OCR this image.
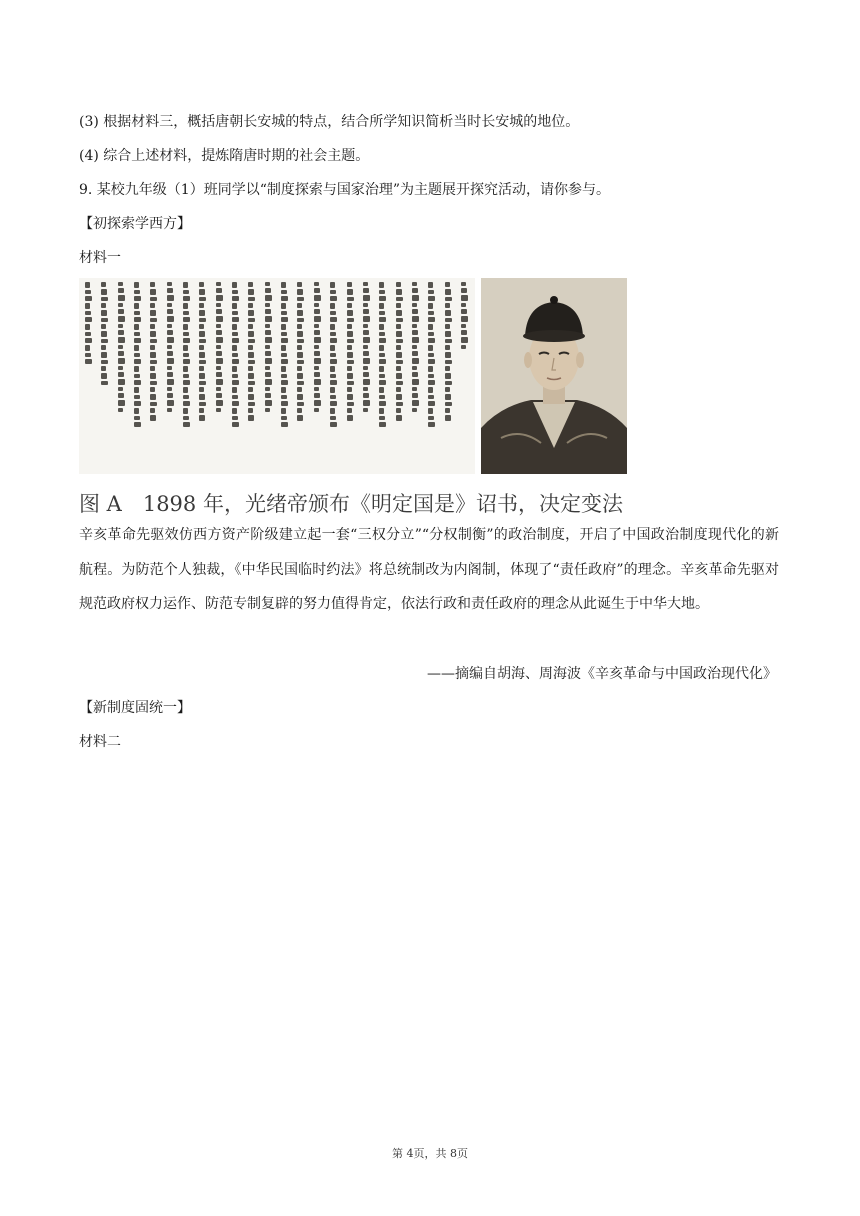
(3) 根据材料三，概括唐朝长安城的特点，结合所学知识简析当时长安城的地位。
(4) 综合上述材料，提炼隋唐时期的社会主题。
9. 某校九年级（1）班同学以“制度探索与国家治理”为主题展开探究活动，请你参与。
【初探索学西方】
材料一
图 A　1898 年，光绪帝颁布《明定国是》诏书，决定变法
辛亥革命先驱效仿西方资产阶级建立起一套“三权分立”“分权制衡”的政治制度，开启了中国政治制度现代化的新航程。为防范个人独裁，《中华民国临时约法》将总统制改为内阁制，体现了“责任政府”的理念。辛亥革命先驱对规范政府权力运作、防范专制复辟的努力值得肯定，依法行政和责任政府的理念从此诞生于中华大地。
——摘编自胡海、周海波《辛亥革命与中国政治现代化》
【新制度固统一】
材料二
第 4页，共 8页
